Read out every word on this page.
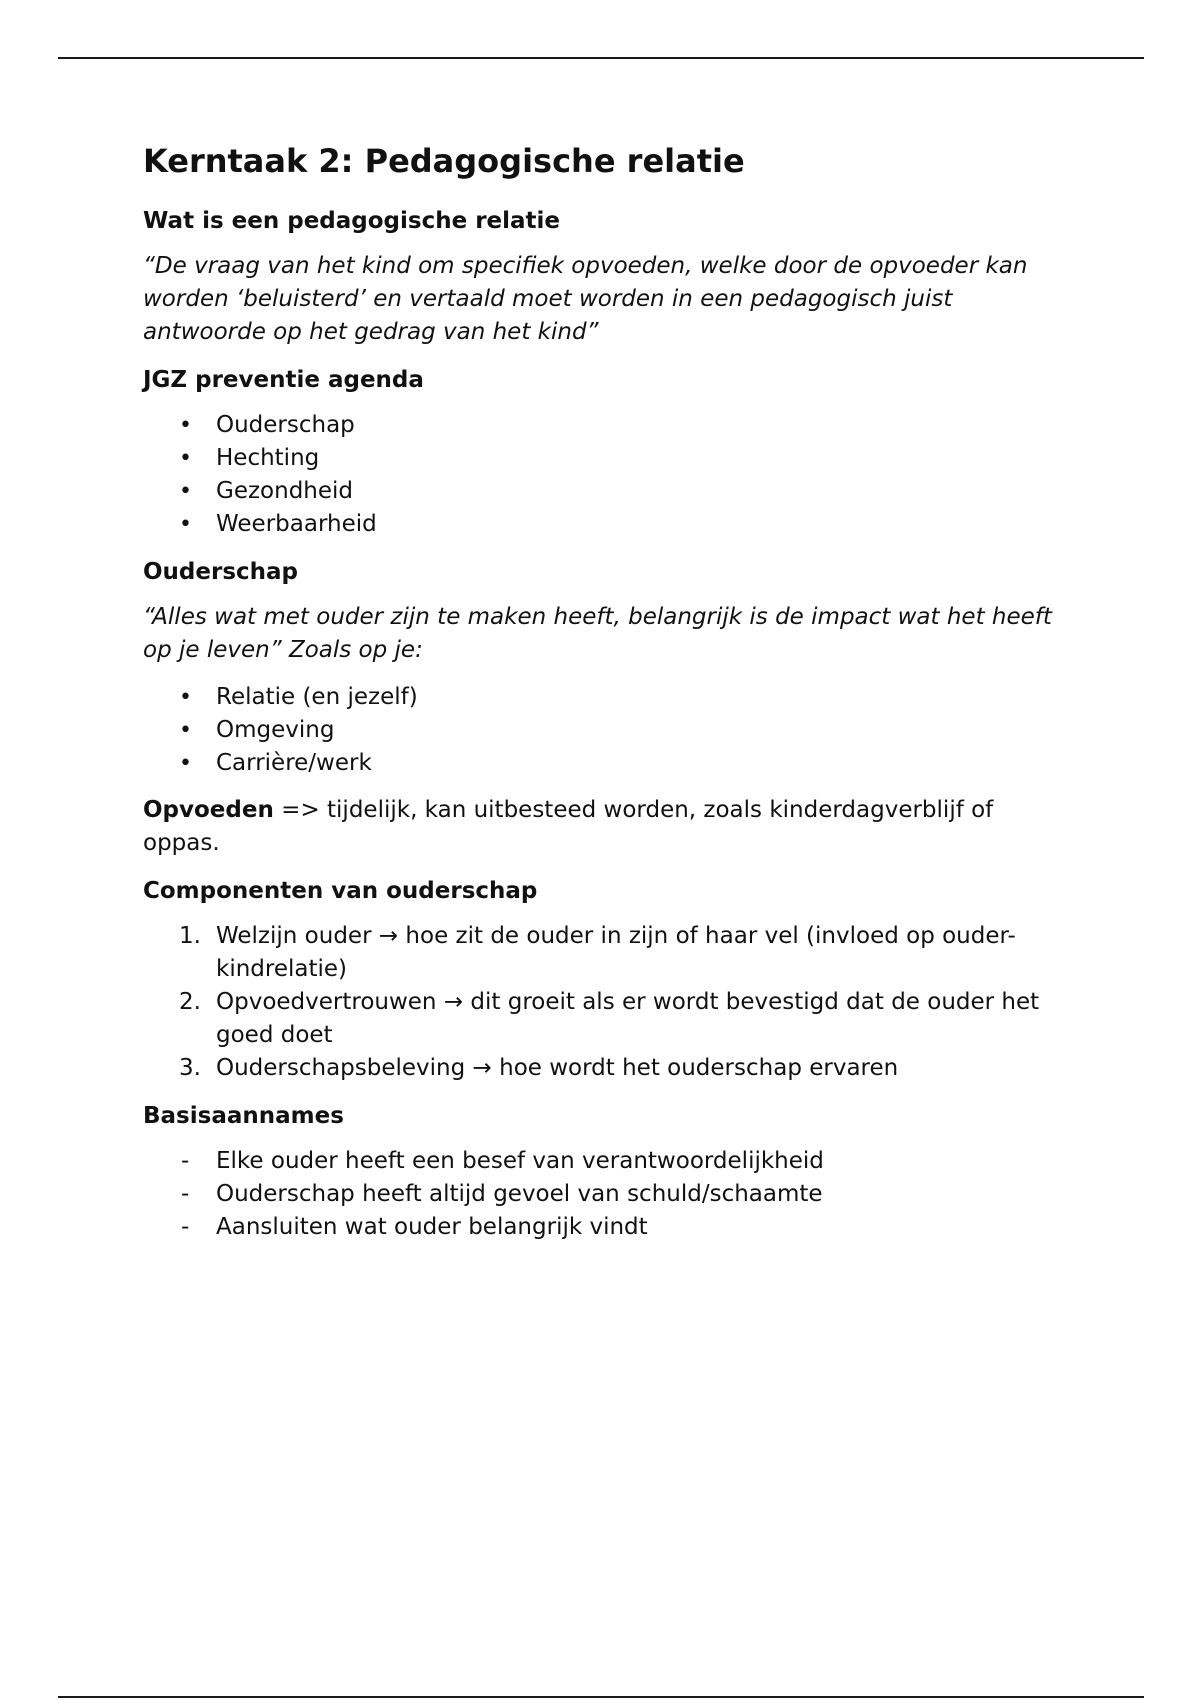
Kerntaak 2: Pedagogische relatie
Wat is een pedagogische relatie

“De vraag van het kind om specifiek opvoeden, welke door de opvoeder kan worden ‘beluisterd’ en vertaald moet worden in een pedagogisch juist antwoorde op het gedrag van het kind”

JGZ preventie agenda
• Ouderschap
• Hechting
• Gezondheid
• Weerbaarheid
Ouderschap

“Alles wat met ouder zijn te maken heeft, belangrijk is de impact wat het heeft op je leven” Zoals op je:

• Relatie (en jezelf)
• Omgeving
• Carrière/werk

Opvoeden => tijdelijk, kan uitbesteed worden, zoals kinderdagverblijf of oppas.

Componenten van ouderschap
1. Welzijn ouder → hoe zit de ouder in zijn of haar vel (invloed op ouder-kindrelatie)
2. Opvoedvertrouwen → dit groeit als er wordt bevestigd dat de ouder het goed doet
3. Ouderschapsbeleving → hoe wordt het ouderschap ervaren
Basisaannames
- Elke ouder heeft een besef van verantwoordelijkheid
- Ouderschap heeft altijd gevoel van schuld/schaamte
- Aansluiten wat ouder belangrijk vindt
